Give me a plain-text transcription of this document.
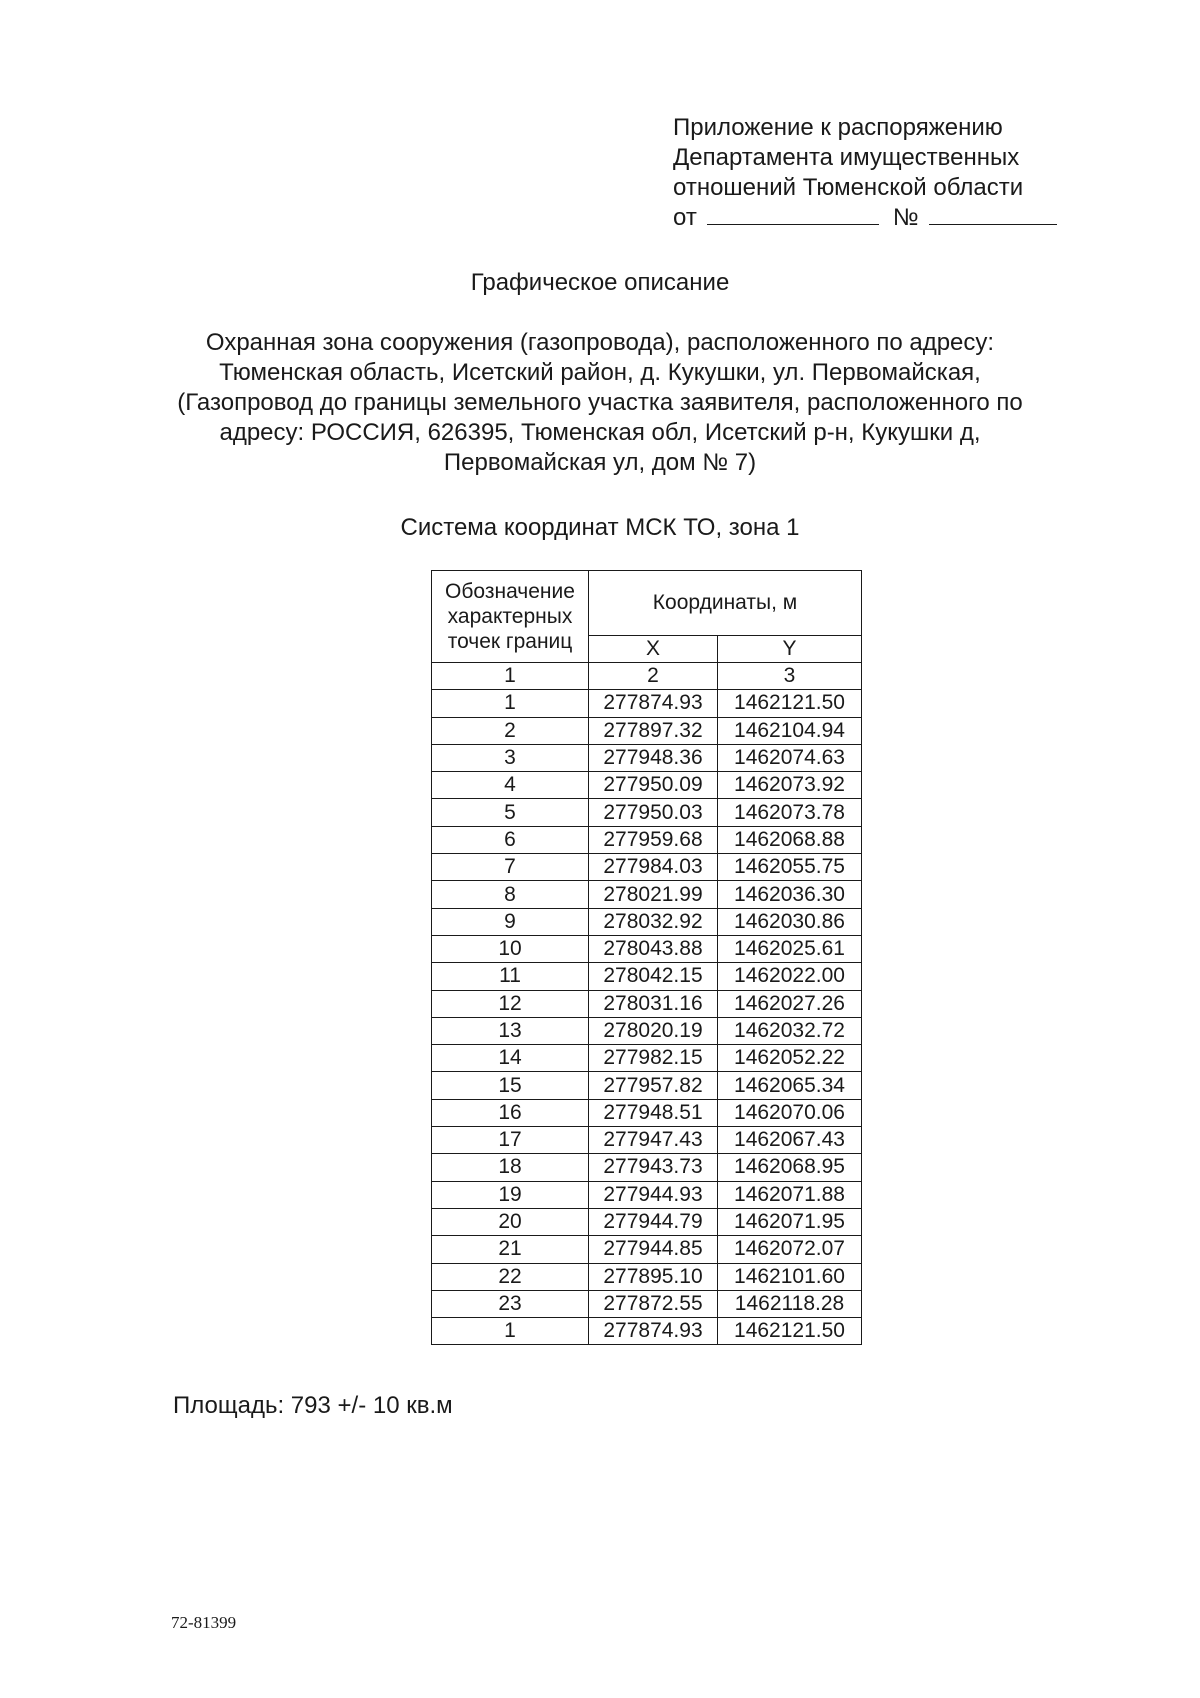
Приложение к распоряжению
Департамента имущественных
отношений Тюменской области
от	№
Графическое описание
Охранная зона сооружения (газопровода), расположенного по адресу:
Тюменская область, Исетский район, д. Кукушки, ул. Первомайская,
(Газопровод до границы земельного участка заявителя, расположенного по
адресу: РОССИЯ, 626395, Тюменская обл, Исетский р-н, Кукушки д,
Первомайская ул, дом № 7)
Система координат МСК ТО, зона 1
Обозначение
характерных
точек границ	Координаты, м	
	X	Y
1	2	3
1	277874.93	1462121.50
2	277897.32	1462104.94
3	277948.36	1462074.63
4	277950.09	1462073.92
5	277950.03	1462073.78
6	277959.68	1462068.88
7	277984.03	1462055.75
8	278021.99	1462036.30
9	278032.92	1462030.86
10	278043.88	1462025.61
11	278042.15	1462022.00
12	278031.16	1462027.26
13	278020.19	1462032.72
14	277982.15	1462052.22
15	277957.82	1462065.34
16	277948.51	1462070.06
17	277947.43	1462067.43
18	277943.73	1462068.95
19	277944.93	1462071.88
20	277944.79	1462071.95
21	277944.85	1462072.07
22	277895.10	1462101.60
23	277872.55	1462118.28
1	277874.93	1462121.50
Площадь: 793 +/- 10 кв.м
72-81399
